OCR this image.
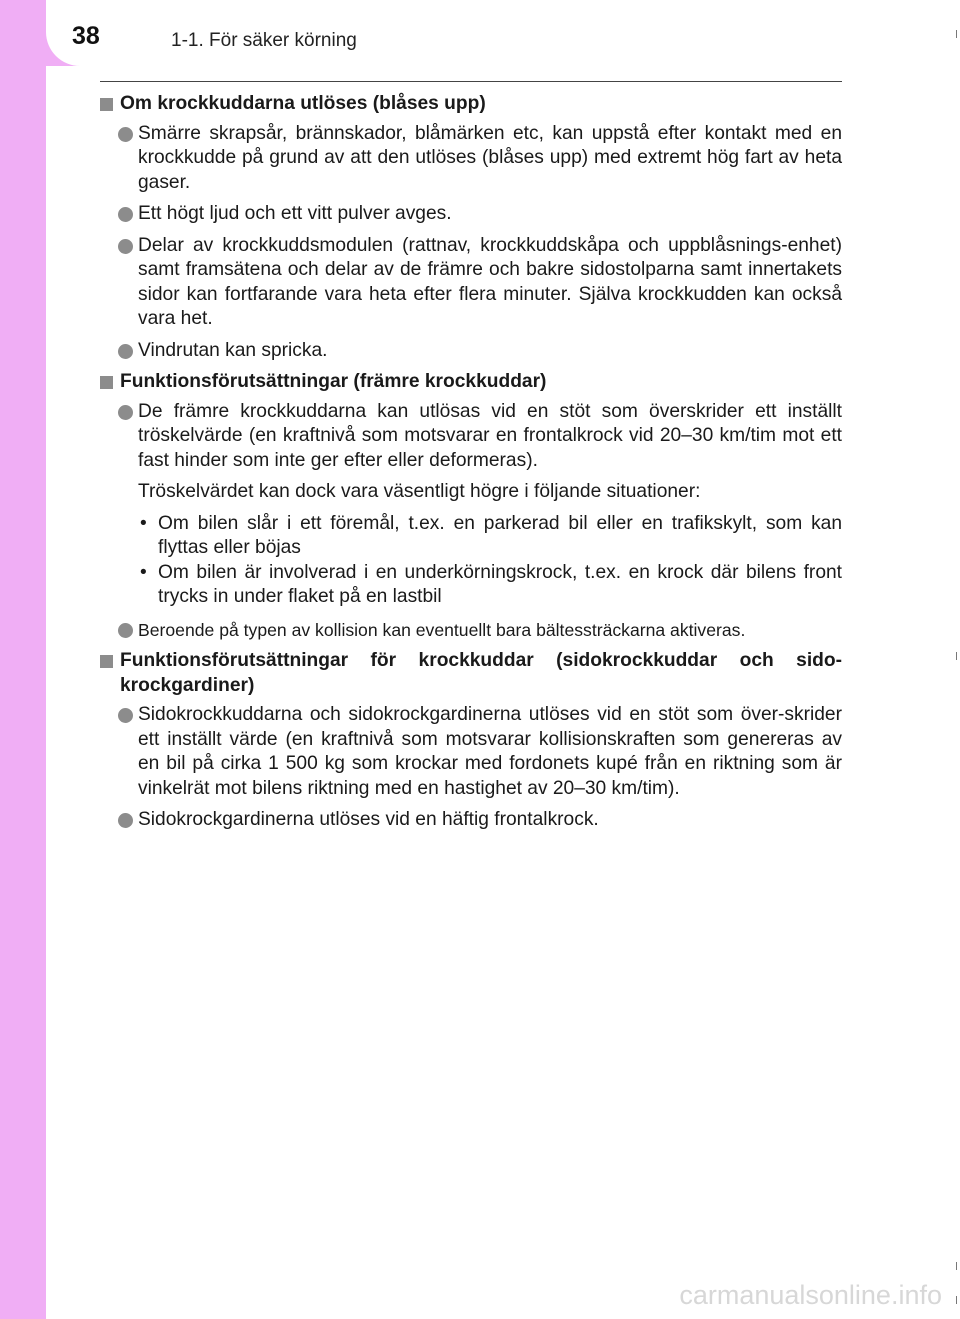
38	1-1. För säker körning
Om krockkuddarna utlöses (blåses upp)
Smärre skrapsår, brännskador, blåmärken etc, kan uppstå efter kontakt med en krockkudde på grund av att den utlöses (blåses upp) med extremt hög fart av heta gaser.
Ett högt ljud och ett vitt pulver avges.
Delar av krockkuddsmodulen (rattnav, krockkuddskåpa och uppblåsnings-enhet) samt framsätena och delar av de främre och bakre sidostolparna samt innertakets sidor kan fortfarande vara heta efter flera minuter. Själva krockkudden kan också vara het.
Vindrutan kan spricka.
Funktionsförutsättningar (främre krockkuddar)
De främre krockkuddarna kan utlösas vid en stöt som överskrider ett inställt tröskelvärde (en kraftnivå som motsvarar en frontalkrock vid 20–30 km/tim mot ett fast hinder som inte ger efter eller deformeras).
Tröskelvärdet kan dock vara väsentligt högre i följande situationer:
• Om bilen slår i ett föremål, t.ex. en parkerad bil eller en trafikskylt, som kan flyttas eller böjas
• Om bilen är involverad i en underkörningskrock, t.ex. en krock där bilens front trycks in under flaket på en lastbil
Beroende på typen av kollision kan eventuellt bara bältessträckarna aktiveras.
Funktionsförutsättningar för krockkuddar (sidokrockkuddar och sido-krockgardiner)
Sidokrockkuddarna och sidokrockgardinerna utlöses vid en stöt som över-skrider ett inställt värde (en kraftnivå som motsvarar kollisionskraften som genereras av en bil på cirka 1 500 kg som krockar med fordonets kupé från en riktning som är vinkelrät mot bilens riktning med en hastighet av 20–30 km/tim).
Sidokrockgardinerna utlöses vid en häftig frontalkrock.
carmanualsonline.info
